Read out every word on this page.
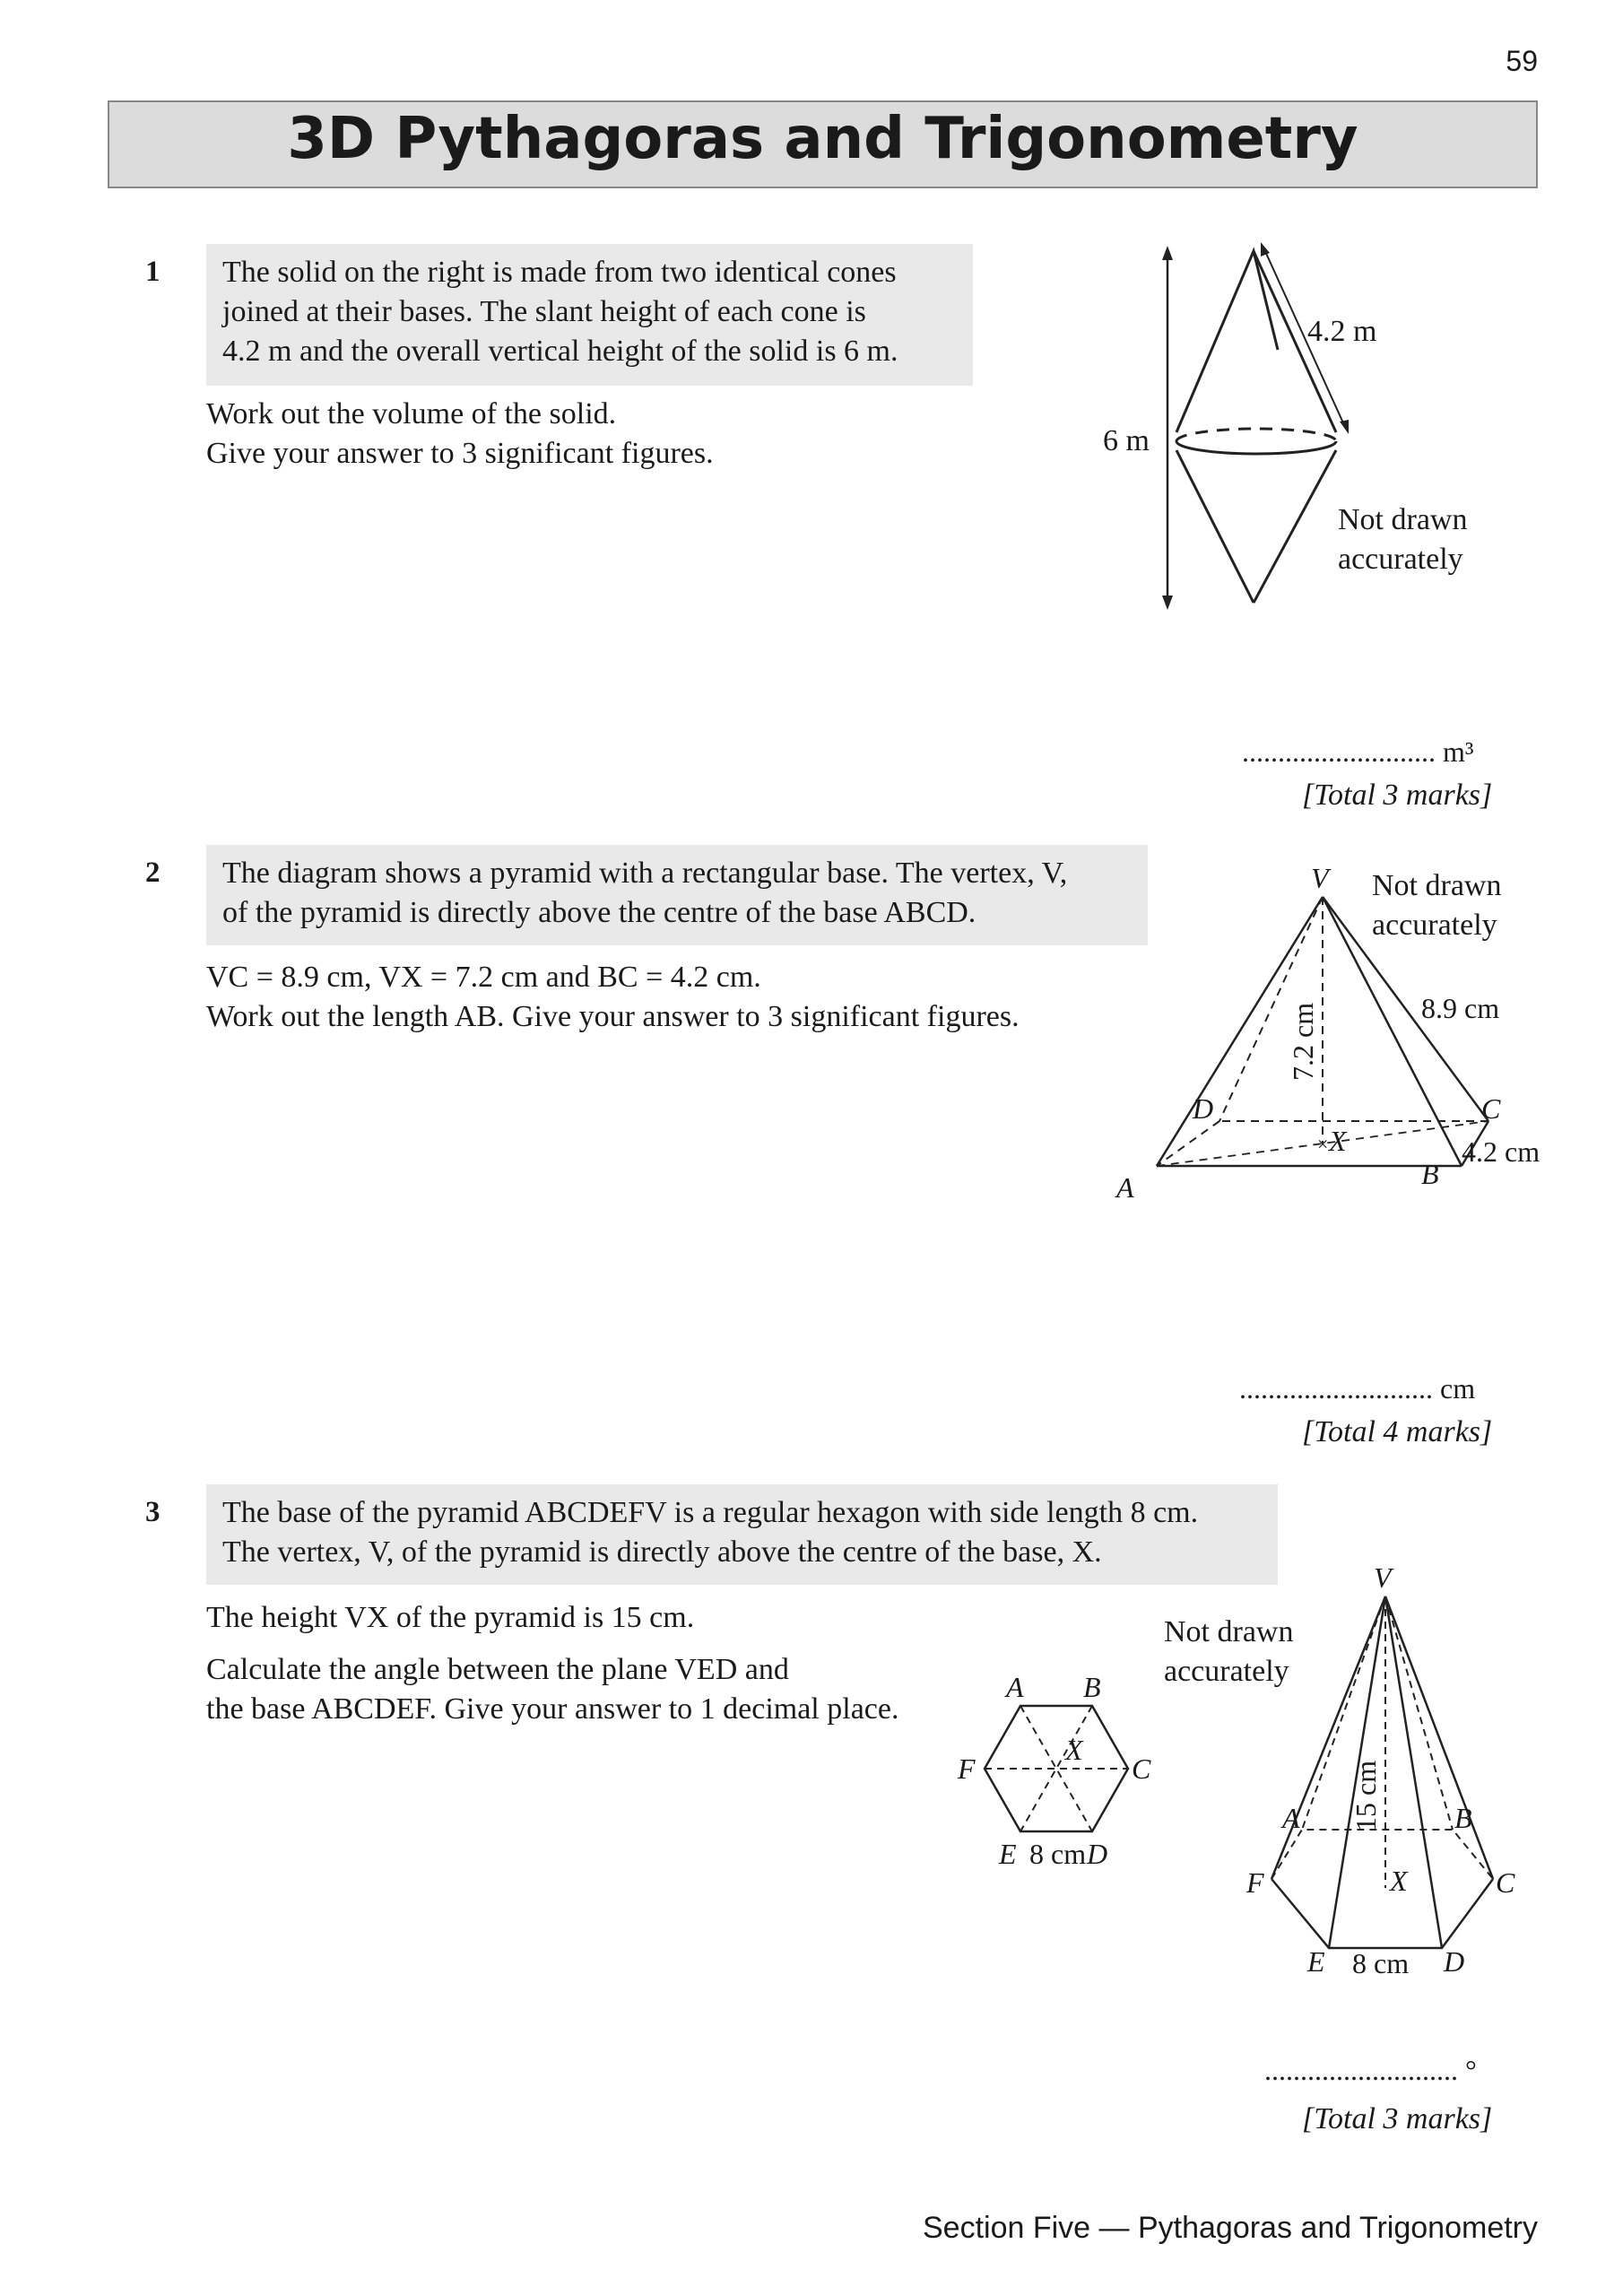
59
3D Pythagoras and Trigonometry
1 The solid on the right is made from two identical cones
joined at their bases. The slant height of each cone is
4.2 m and the overall vertical height of the solid is 6 m.
Work out the volume of the solid.
Give your answer to 3 significant figures.
4.2 m
6 m
Not drawn
accurately
........................... m³
[Total 3 marks]
2 The diagram shows a pyramid with a rectangular base. The vertex, V,
of the pyramid is directly above the centre of the base ABCD.
VC = 8.9 cm, VX = 7.2 cm and BC = 4.2 cm.
Work out the length AB. Give your answer to 3 significant figures.
V
A	B
C
D
× X
8.9 cm
4.2 cm
7.2 cm
Not drawn
accurately
........................... cm
[Total 4 marks]
3 The base of the pyramid ABCDEFV is a regular hexagon with side length 8 cm.
The vertex, V, of the pyramid is directly above the centre of the base, X.
The height VX of the pyramid is 15 cm.
Calculate the angle between the plane VED and
the base ABCDEF. Give your answer to 1 decimal place.
A B
C
D
E
F
X
8 cm
Not drawn
accurately
V
A	B
C
D
E
F	X
8 cm
15 cm
........................... °
[Total 3 marks]
Section Five — Pythagoras and Trigonometry
